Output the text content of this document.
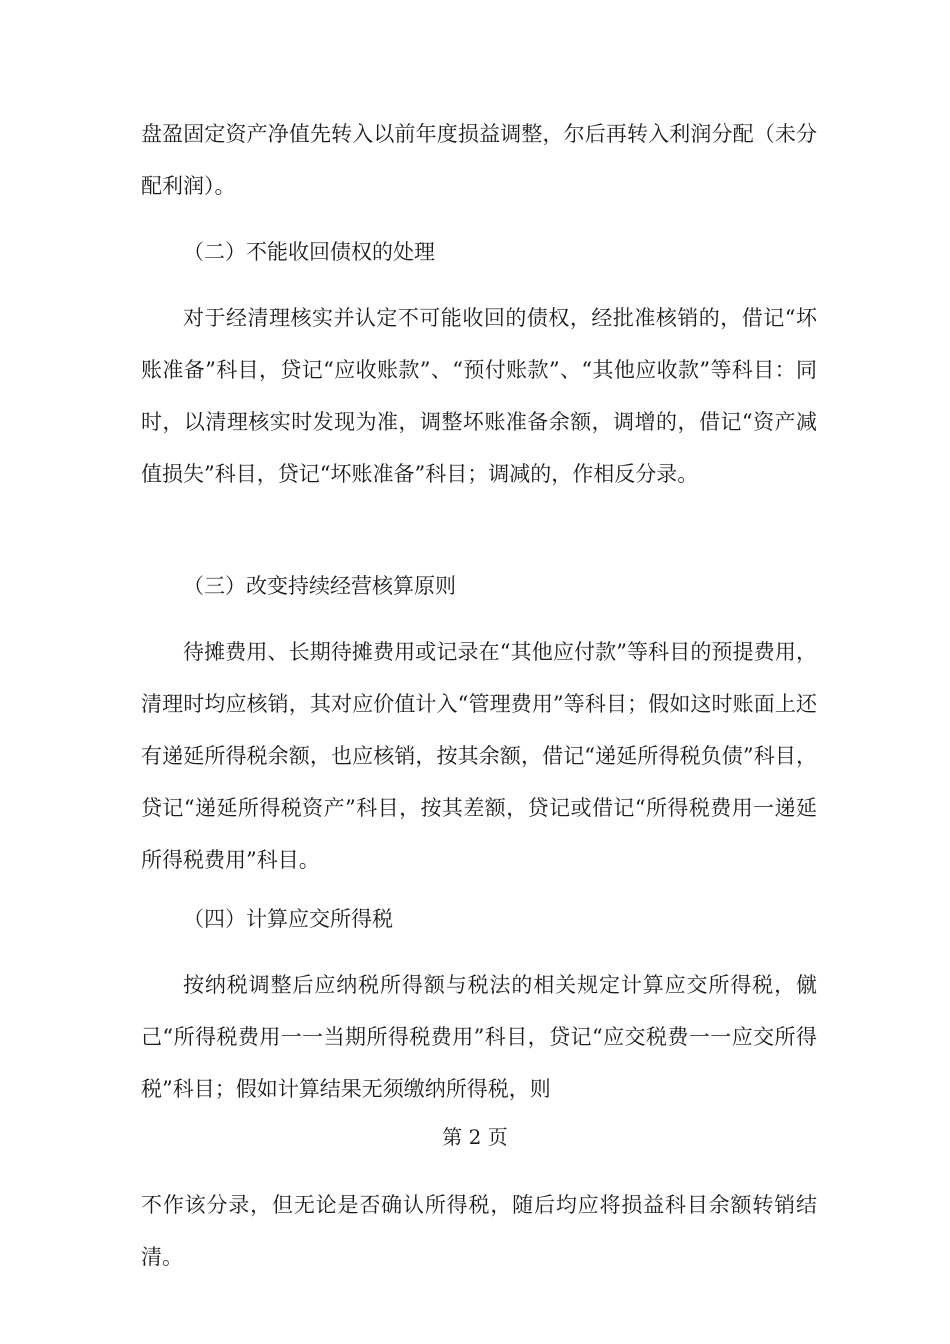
盘盈固定资产净值先转入以前年度损益调整，尔后再转入利润分配（未分配利润）。

（二）不能收回债权的处理

对于经清理核实并认定不可能收回的债权，经批准核销的，借记“坏账准备”科目，贷记“应收账款”、“预付账款”、“其他应收款”等科目：同时，以清理核实时发现为准，调整坏账准备余额，调增的，借记“资产减值损失”科目，贷记“坏账准备”科目；调减的，作相反分录。

（三）改变持续经营核算原则

待摊费用、长期待摊费用或记录在“其他应付款”等科目的预提费用，清理时均应核销，其对应价值计入“管理费用”等科目；假如这时账面上还有递延所得税余额，也应核销，按其余额，借记“递延所得税负债”科目，贷记“递延所得税资产”科目，按其差额，贷记或借记“所得税费用一递延所得税费用”科目。

（四）计算应交所得税

按纳税调整后应纳税所得额与税法的相关规定计算应交所得税，僦己“所得税费用一一当期所得税费用”科目，贷记“应交税费一一应交所得税”科目；假如计算结果无须缴纳所得税，则

第 2 页

不作该分录，但无论是否确认所得税，随后均应将损益科目余额转销结清。
